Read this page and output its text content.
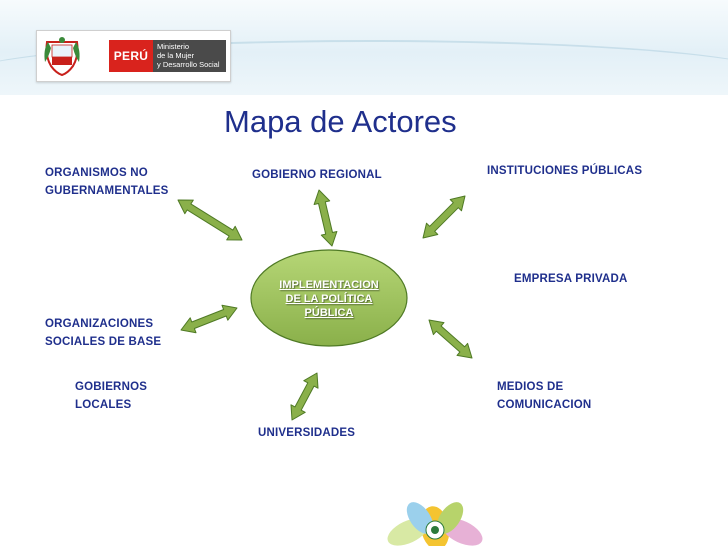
PERÚ
Ministerio
de la Mujer
y Desarrollo Social
Mapa de Actores
IMPLEMENTACION
DE LA POLÍTICA
PÚBLICA
ORGANISMOS NO
GUBERNAMENTALES
GOBIERNO REGIONAL	INSTITUCIONES PÚBLICAS
EMPRESA PRIVADA
ORGANIZACIONES
SOCIALES DE BASE
GOBIERNOS
LOCALES
MEDIOS DE
COMUNICACION
UNIVERSIDADES
